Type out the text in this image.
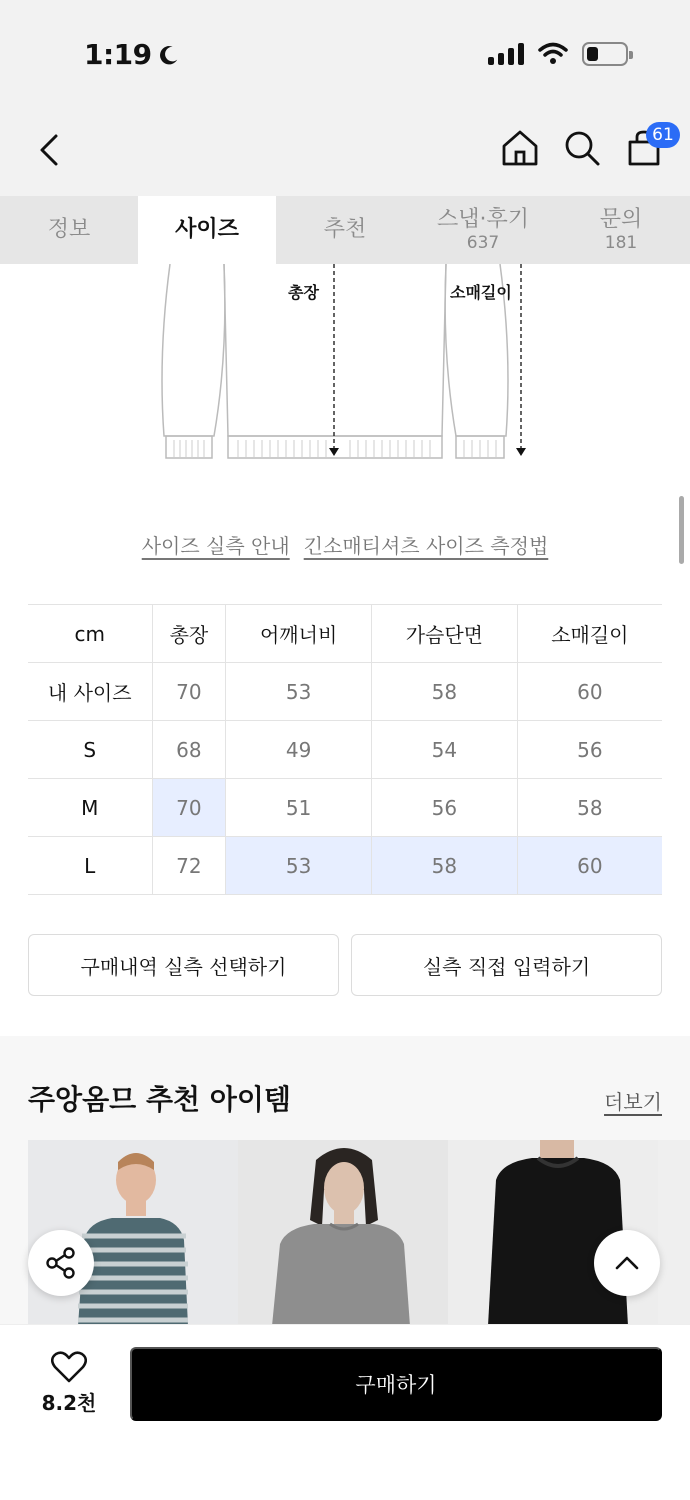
1:19
61
정보	사이즈	추천	스냅·후기
637
문의
181
총장	소매길이
사이즈 실측 안내 긴소매티셔츠 사이즈 측정법
cm	총장	어깨너비	가슴단면	소매길이
내 사이즈	70	53	58	60
S	68	49	54	56
M	70	51	56	58
L	72	53	58	60
구매내역 실측 선택하기	실측 직접 입력하기
주앙옴므 추천 아이템	더보기
8.2천
구매하기
